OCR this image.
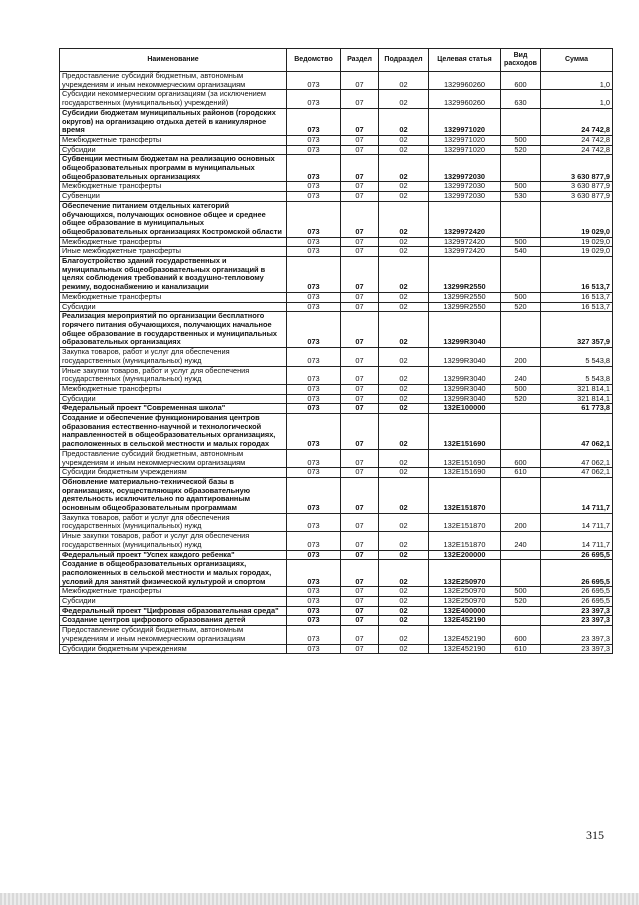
Наименование	Ведомство	Раздел	Подраздел	Целевая статья	Вид расходов	Сумма
Предоставление субсидий бюджетным, автономным учреждениям и иным некоммерческим организациям	073	07	02	1329960260	600	1,0
Субсидии некоммерческим организациям (за исключением государственных (муниципальных) учреждений)	073	07	02	1329960260	630	1,0
Субсидии бюджетам муниципальных районов (городских округов) на организацию отдыха детей в каникулярное время	073	07	02	1329971020		24 742,8
Межбюджетные трансферты	073	07	02	1329971020	500	24 742,8
Субсидии	073	07	02	1329971020	520	24 742,8
Субвенции местным бюджетам на реализацию основных общеобразовательных программ в муниципальных общеобразовательных организациях	073	07	02	1329972030		3 630 877,9
Межбюджетные трансферты	073	07	02	1329972030	500	3 630 877,9
Субвенции	073	07	02	1329972030	530	3 630 877,9
Обеспечение питанием отдельных категорий обучающихся, получающих основное общее и среднее общее образование в муниципальных общеобразовательных организациях Костромской области	073	07	02	1329972420		19 029,0
Межбюджетные трансферты	073	07	02	1329972420	500	19 029,0
Иные межбюджетные трансферты	073	07	02	1329972420	540	19 029,0
Благоустройство зданий государственных и муниципальных общеобразовательных организаций в целях соблюдения требований к воздушно-тепловому режиму, водоснабжению и канализации	073	07	02	13299R2550		16 513,7
Межбюджетные трансферты	073	07	02	13299R2550	500	16 513,7
Субсидии	073	07	02	13299R2550	520	16 513,7
Реализация мероприятий по организации бесплатного горячего питания обучающихся, получающих начальное общее образование в государственных и муниципальных образовательных организациях	073	07	02	13299R3040		327 357,9
Закупка товаров, работ и услуг для обеспечения государственных (муниципальных) нужд	073	07	02	13299R3040	200	5 543,8
Иные закупки товаров, работ и услуг для обеспечения государственных (муниципальных) нужд	073	07	02	13299R3040	240	5 543,8
Межбюджетные трансферты	073	07	02	13299R3040	500	321 814,1
Субсидии	073	07	02	13299R3040	520	321 814,1
Федеральный проект "Современная школа"	073	07	02	132E100000		61 773,8
Создание и обеспечение функционирования центров образования естественно-научной и технологической направленностей в общеобразовательных организациях, расположенных в сельской местности и малых городах	073	07	02	132E151690		47 062,1
Предоставление субсидий бюджетным, автономным учреждениям и иным некоммерческим организациям	073	07	02	132E151690	600	47 062,1
Субсидии бюджетным учреждениям	073	07	02	132E151690	610	47 062,1
Обновление материально-технической базы в организациях, осуществляющих образовательную деятельность исключительно по адаптированным основным общеобразовательным программам	073	07	02	132E151870		14 711,7
Закупка товаров, работ и услуг для обеспечения государственных (муниципальных) нужд	073	07	02	132E151870	200	14 711,7
Иные закупки товаров, работ и услуг для обеспечения государственных (муниципальных) нужд	073	07	02	132E151870	240	14 711,7
Федеральный проект "Успех каждого ребенка"	073	07	02	132E200000		26 695,5
Создание в общеобразовательных организациях, расположенных в сельской местности и малых городах, условий для занятий физической культурой и спортом	073	07	02	132E250970		26 695,5
Межбюджетные трансферты	073	07	02	132E250970	500	26 695,5
Субсидии	073	07	02	132E250970	520	26 695,5
Федеральный проект "Цифровая образовательная среда"	073	07	02	132E400000		23 397,3
Создание центров цифрового образования детей	073	07	02	132E452190		23 397,3
Предоставление субсидий бюджетным, автономным учреждениям и иным некоммерческим организациям	073	07	02	132E452190	600	23 397,3
Субсидии бюджетным учреждениям	073	07	02	132E452190	610	23 397,3
315
